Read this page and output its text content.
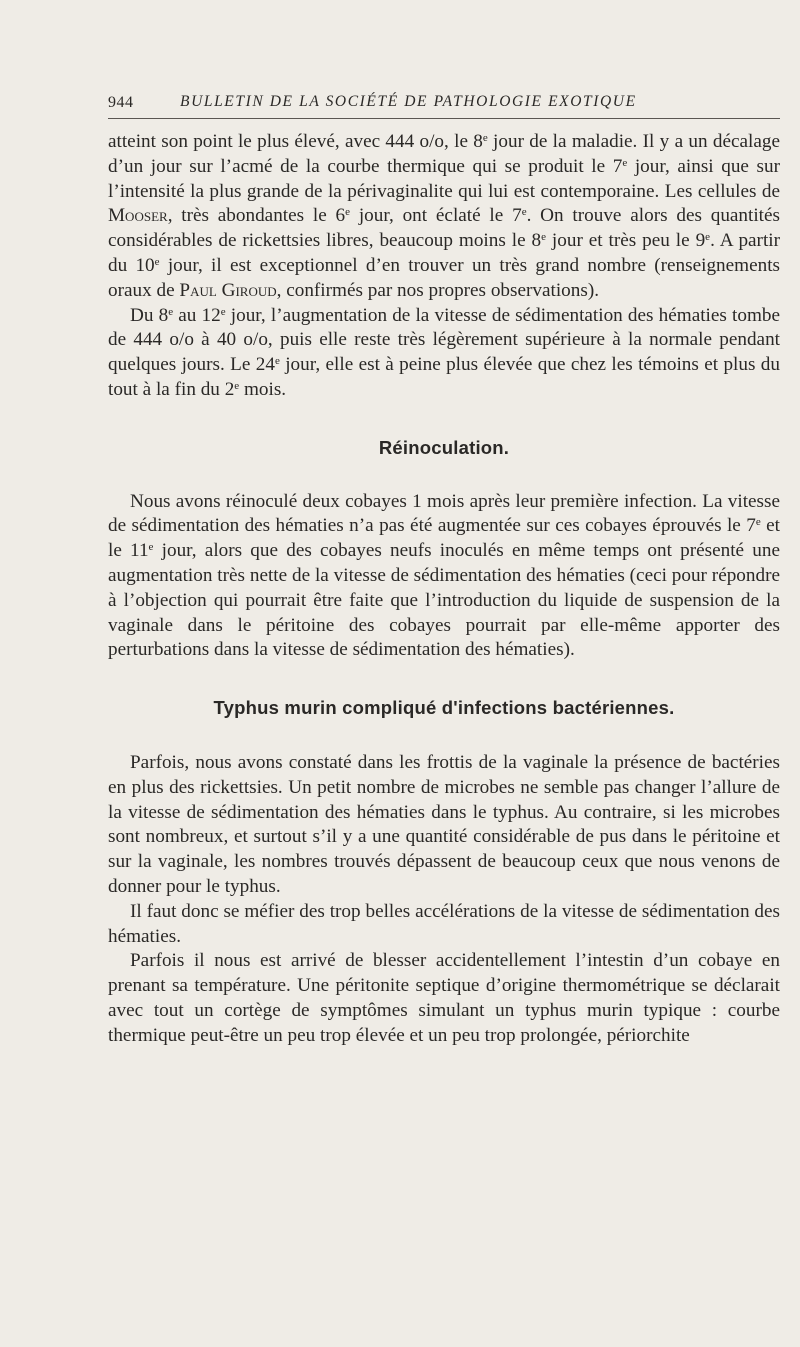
944	BULLETIN DE LA SOCIÉTÉ DE PATHOLOGIE EXOTIQUE

atteint son point le plus élevé, avec 444 o/o, le 8e jour de la maladie. Il y a un décalage d’un jour sur l’acmé de la courbe thermique qui se produit le 7e jour, ainsi que sur l’intensité la plus grande de la périvaginalite qui lui est contemporaine. Les cellules de Mooser, très abondantes le 6e jour, ont éclaté le 7e. On trouve alors des quantités considérables de rickettsies libres, beaucoup moins le 8e jour et très peu le 9e. A partir du 10e jour, il est exceptionnel d’en trouver un très grand nombre (renseignements oraux de Paul Giroud, confirmés par nos propres observations).

Du 8e au 12e jour, l’augmentation de la vitesse de sédimentation des hématies tombe de 444 o/o à 40 o/o, puis elle reste très légèrement supérieure à la normale pendant quelques jours. Le 24e jour, elle est à peine plus élevée que chez les témoins et plus du tout à la fin du 2e mois.

Réinoculation.

Nous avons réinoculé deux cobayes 1 mois après leur première infection. La vitesse de sédimentation des hématies n’a pas été augmentée sur ces cobayes éprouvés le 7e et le 11e jour, alors que des cobayes neufs inoculés en même temps ont présenté une augmentation très nette de la vitesse de sédimentation des hématies (ceci pour répondre à l’objection qui pourrait être faite que l’introduction du liquide de suspension de la vaginale dans le péritoine des cobayes pourrait par elle-même apporter des perturbations dans la vitesse de sédimentation des hématies).

Typhus murin compliqué d'infections bactériennes.

Parfois, nous avons constaté dans les frottis de la vaginale la présence de bactéries en plus des rickettsies. Un petit nombre de microbes ne semble pas changer l’allure de la vitesse de sédimentation des hématies dans le typhus. Au contraire, si les microbes sont nombreux, et surtout s’il y a une quantité considérable de pus dans le péritoine et sur la vaginale, les nombres trouvés dépassent de beaucoup ceux que nous venons de donner pour le typhus.

Il faut donc se méfier des trop belles accélérations de la vitesse de sédimentation des hématies.

Parfois il nous est arrivé de blesser accidentellement l’intestin d’un cobaye en prenant sa température. Une péritonite septique d’origine thermométrique se déclarait avec tout un cortège de symptômes simulant un typhus murin typique : courbe thermique peut-être un peu trop élevée et un peu trop prolongée, périorchite
